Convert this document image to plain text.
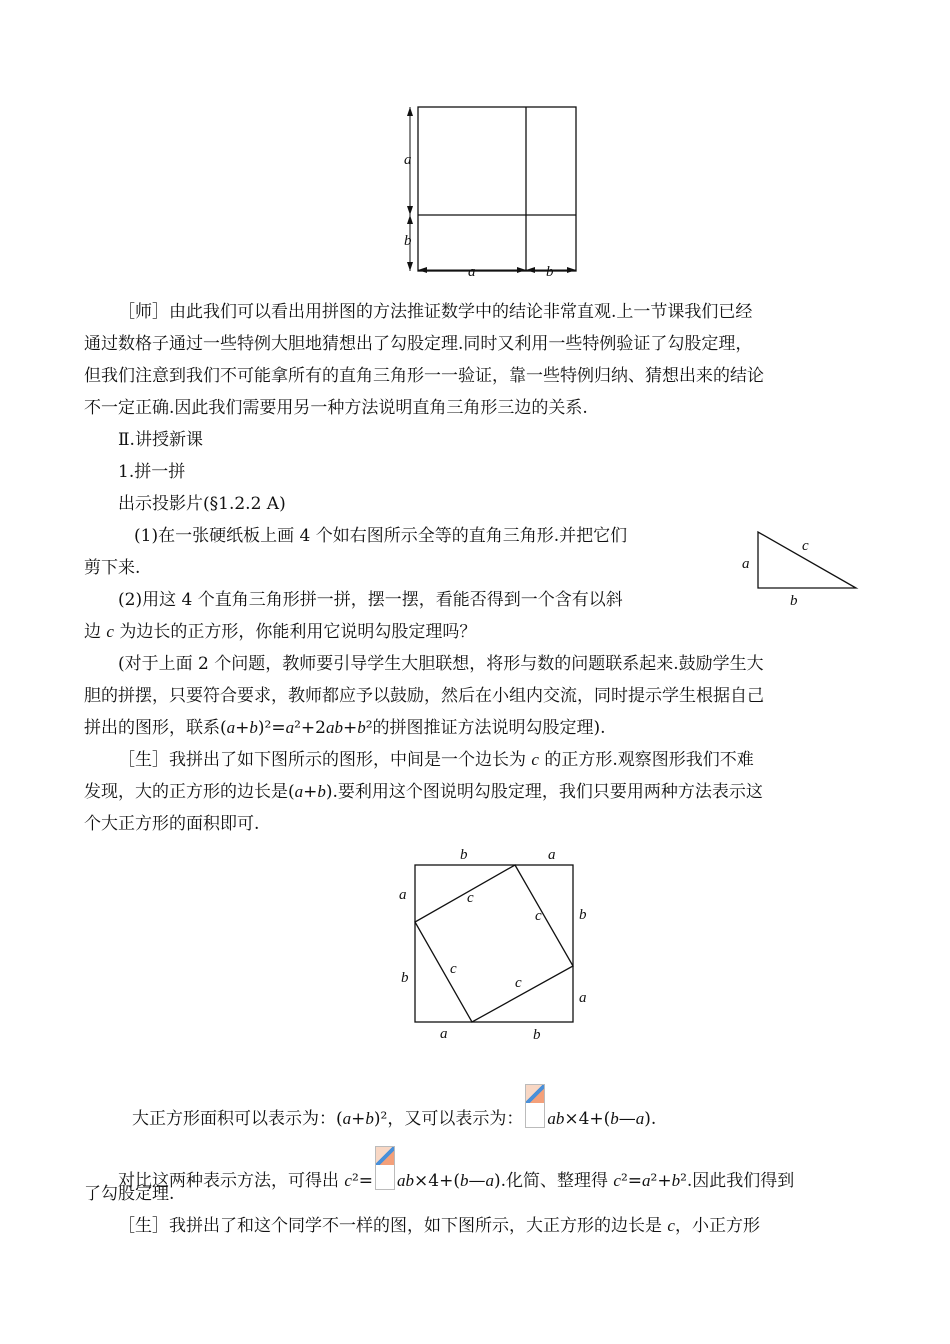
a
b
a	b

［师］由此我们可以看出用拼图的方法推证数学中的结论非常直观.上一节课我们已经

通过数格子通过一些特例大胆地猜想出了勾股定理.同时又利用一些特例验证了勾股定理，

但我们注意到我们不可能拿所有的直角三角形一一验证，靠一些特例归纳、猜想出来的结论

不一定正确.因此我们需要用另一种方法说明直角三角形三边的关系.

Ⅱ.讲授新课

1.拼一拼

出示投影片(§1.2.2 A)

(1)在一张硬纸板上画 4 个如右图所示全等的直角三角形.并把它们

剪下来.

(2)用这 4 个直角三角形拼一拼，摆一摆，看能否得到一个含有以斜

边 c 为边长的正方形，你能利用它说明勾股定理吗？

a
c
b

(对于上面 2 个问题，教师要引导学生大胆联想，将形与数的问题联系起来.鼓励学生大

胆的拼摆，只要符合要求，教师都应予以鼓励，然后在小组内交流，同时提示学生根据自己

拼出的图形，联系(a+b)²=a²+2ab+b²的拼图推证方法说明勾股定理).

［生］我拼出了如下图所示的图形，中间是一个边长为 c 的正方形.观察图形我们不难

发现，大的正方形的边长是(a+b).要利用这个图说明勾股定理，我们只要用两种方法表示这

个大正方形的面积即可.

b	a
a
b
b
a
a	b
c
c
c
c

大正方形面积可以表示为：(a+b)²，又可以表示为： ab×4+(b—a).

对比这两种表示方法，可得出 c²= ab×4+(b—a).化简、整理得 c²=a²+b².因此我们得到

了勾股定理.

［生］我拼出了和这个同学不一样的图，如下图所示，大正方形的边长是 c，小正方形
